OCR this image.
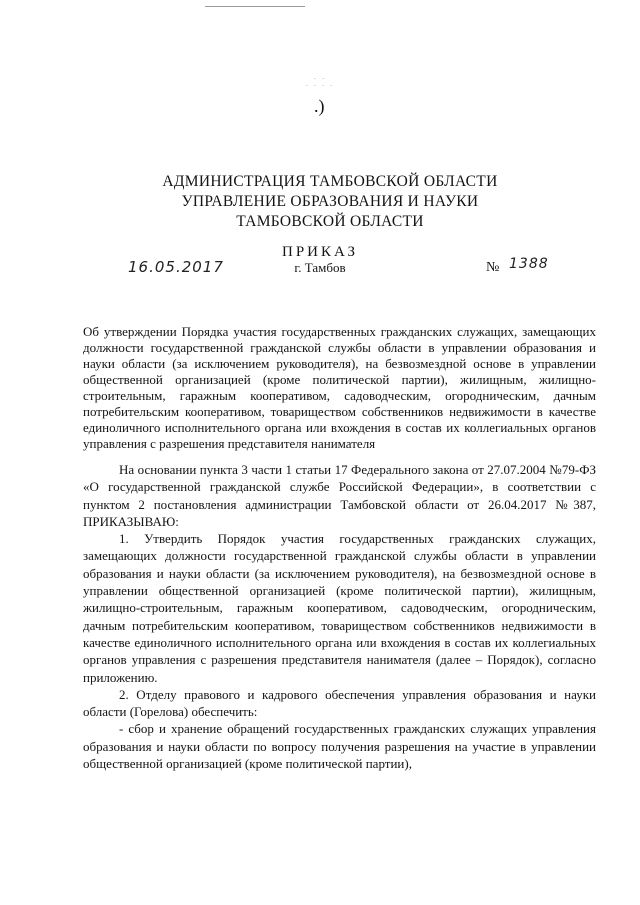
· ·
· · · ·
.)
АДМИНИСТРАЦИЯ ТАМБОВСКОЙ ОБЛАСТИ
УПРАВЛЕНИЕ ОБРАЗОВАНИЯ И НАУКИ
ТАМБОВСКОЙ ОБЛАСТИ
ПРИКАЗ
г. Тамбов
16.05.2017	№ 1388
Об утверждении Порядка участия государственных гражданских служащих, замещающих должности государственной гражданской службы области в управлении образования и науки области (за исключением руководителя), на безвозмездной основе в управлении общественной организацией (кроме политической партии), жилищным, жилищно-строительным, гаражным кооперативом, садоводческим, огородническим, дачным потребительским кооперативом, товариществом собственников недвижимости в качестве единоличного исполнительного органа или вхождения в состав их коллегиальных органов управления с разрешения представителя нанимателя

На основании пункта 3 части 1 статьи 17 Федерального закона от 27.07.2004 №79-ФЗ «О государственной гражданской службе Российской Федерации», в соответствии с пунктом 2 постановления администрации Тамбовской области от 26.04.2017 №387, ПРИКАЗЫВАЮ:

1. Утвердить Порядок участия государственных гражданских служащих, замещающих должности государственной гражданской службы области в управлении образования и науки области (за исключением руководителя), на безвозмездной основе в управлении общественной организацией (кроме политической партии), жилищным, жилищно-строительным, гаражным кооперативом, садоводческим, огородническим, дачным потребительским кооперативом, товариществом собственников недвижимости в качестве единоличного исполнительного органа или вхождения в состав их коллегиальных органов управления с разрешения представителя нанимателя (далее – Порядок), согласно приложению.

2. Отделу правового и кадрового обеспечения управления образования и науки области (Горелова) обеспечить:

- сбор и хранение обращений государственных гражданских служащих управления образования и науки области по вопросу получения разрешения на участие в управлении общественной организацией (кроме политической партии),
